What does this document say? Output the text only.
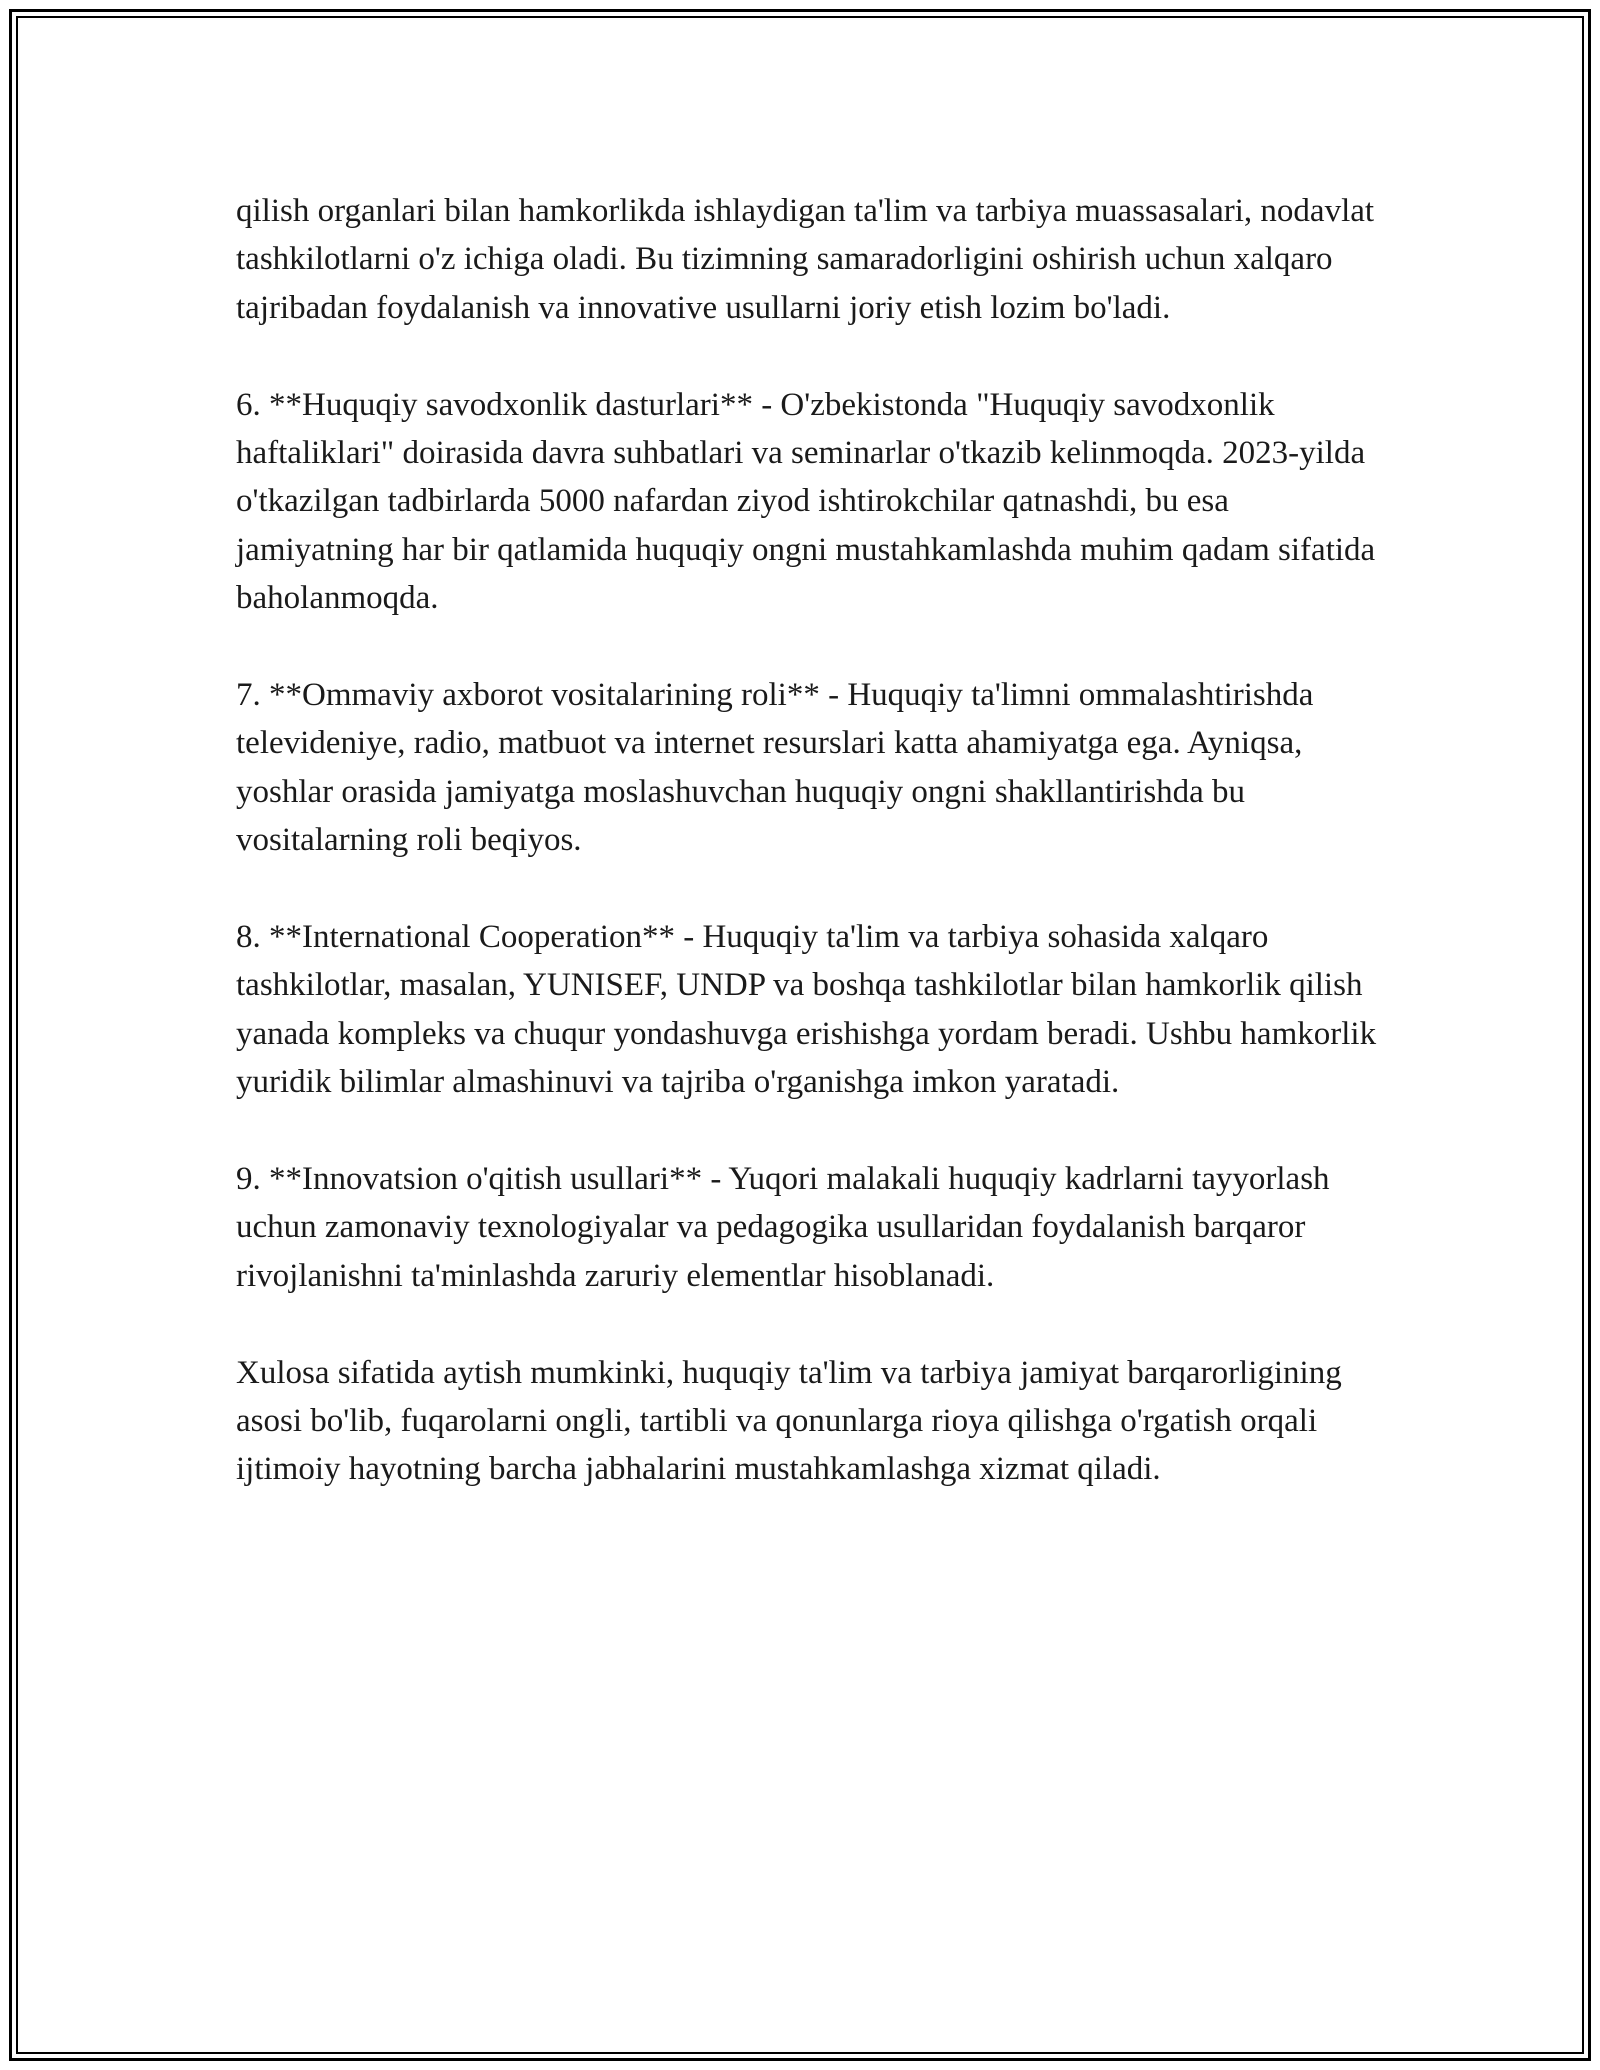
qilish organlari bilan hamkorlikda ishlaydigan ta'lim va tarbiya muassasalari, nodavlat tashkilotlarni o'z ichiga oladi. Bu tizimning samaradorligini oshirish uchun xalqaro tajribadan foydalanish va innovative usullarni joriy etish lozim bo'ladi.

6. **Huquqiy savodxonlik dasturlari** - O'zbekistonda "Huquqiy savodxonlik haftaliklari" doirasida davra suhbatlari va seminarlar o'tkazib kelinmoqda. 2023-yilda o'tkazilgan tadbirlarda 5000 nafardan ziyod ishtirokchilar qatnashdi, bu esa jamiyatning har bir qatlamida huquqiy ongni mustahkamlashda muhim qadam sifatida baholanmoqda.

7. **Ommaviy axborot vositalarining roli** - Huquqiy ta'limni ommalashtirishda televideniye, radio, matbuot va internet resurslari katta ahamiyatga ega. Ayniqsa, yoshlar orasida jamiyatga moslashuvchan huquqiy ongni shakllantirishda bu vositalarning roli beqiyos.

8. **International Cooperation** - Huquqiy ta'lim va tarbiya sohasida xalqaro tashkilotlar, masalan, YUNISEF, UNDP va boshqa tashkilotlar bilan hamkorlik qilish yanada kompleks va chuqur yondashuvga erishishga yordam beradi. Ushbu hamkorlik yuridik bilimlar almashinuvi va tajriba o'rganishga imkon yaratadi.

9. **Innovatsion o'qitish usullari** - Yuqori malakali huquqiy kadrlarni tayyorlash uchun zamonaviy texnologiyalar va pedagogika usullaridan foydalanish barqaror rivojlanishni ta'minlashda zaruriy elementlar hisoblanadi.

Xulosa sifatida aytish mumkinki, huquqiy ta'lim va tarbiya jamiyat barqarorligining asosi bo'lib, fuqarolarni ongli, tartibli va qonunlarga rioya qilishga o'rgatish orqali ijtimoiy hayotning barcha jabhalarini mustahkamlashga xizmat qiladi.
